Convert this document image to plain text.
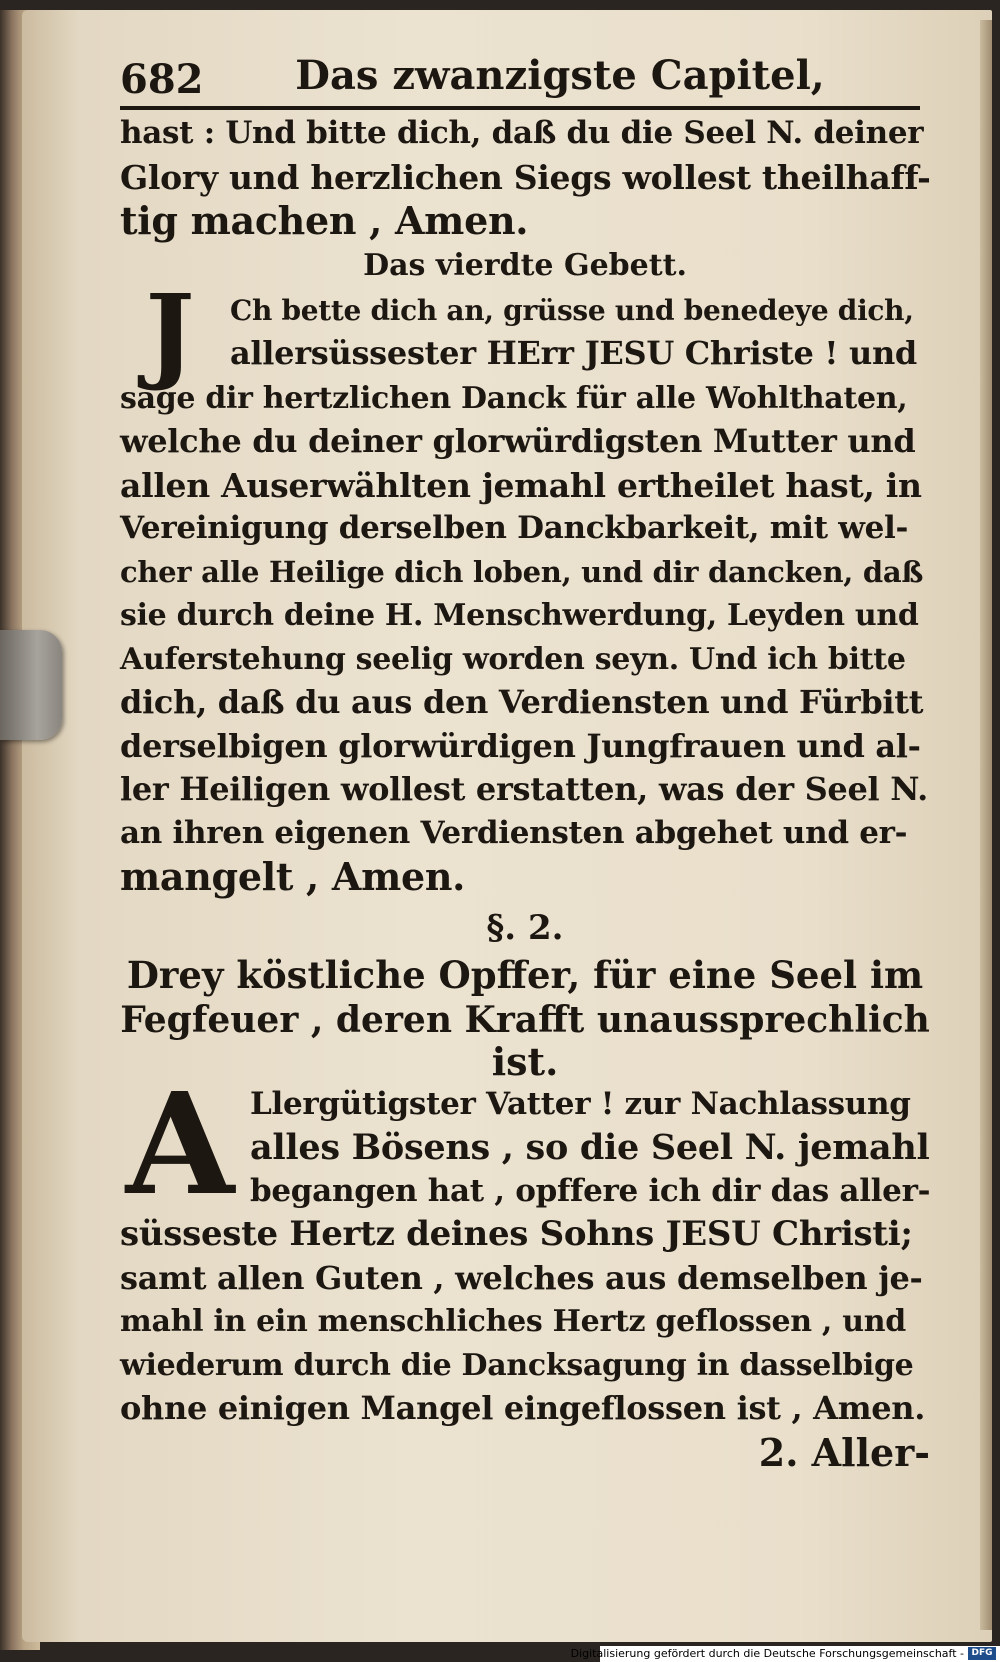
682	Das zwanzigste Capitel,
hast : Und bitte dich, daß du die Seel N. deiner
Glory und herzlichen Siegs wollest theilhaff-
tig machen , Amen.
Das vierdte Gebett.
J	Ch bette dich an, grüsse und benedeye dich,
allersüssester HErr JESU Christe ! und
sage dir hertzlichen Danck für alle Wohlthaten,
welche du deiner glorwürdigsten Mutter und
allen Auserwählten jemahl ertheilet hast, in
Vereinigung derselben Danckbarkeit, mit wel-
cher alle Heilige dich loben, und dir dancken, daß
sie durch deine H. Menschwerdung, Leyden und
Auferstehung seelig worden seyn. Und ich bitte
dich, daß du aus den Verdiensten und Fürbitt
derselbigen glorwürdigen Jungfrauen und al-
ler Heiligen wollest erstatten, was der Seel N.
an ihren eigenen Verdiensten abgehet und er-
mangelt , Amen.
§. 2.
Drey köstliche Opffer, für eine Seel im
Fegfeuer , deren Krafft unaussprechlich
ist.
A Llergütigster Vatter ! zur Nachlassung
alles Bösens , so die Seel N. jemahl
begangen hat , opffere ich dir das aller-
süsseste Hertz deines Sohns JESU Christi;
samt allen Guten , welches aus demselben je-
mahl in ein menschliches Hertz geflossen , und
wiederum durch die Dancksagung in dasselbige
ohne einigen Mangel eingeflossen ist , Amen.
2. Aller-
Digitalisierung gefördert durch die Deutsche Forschungsgemeinschaft - DFG
